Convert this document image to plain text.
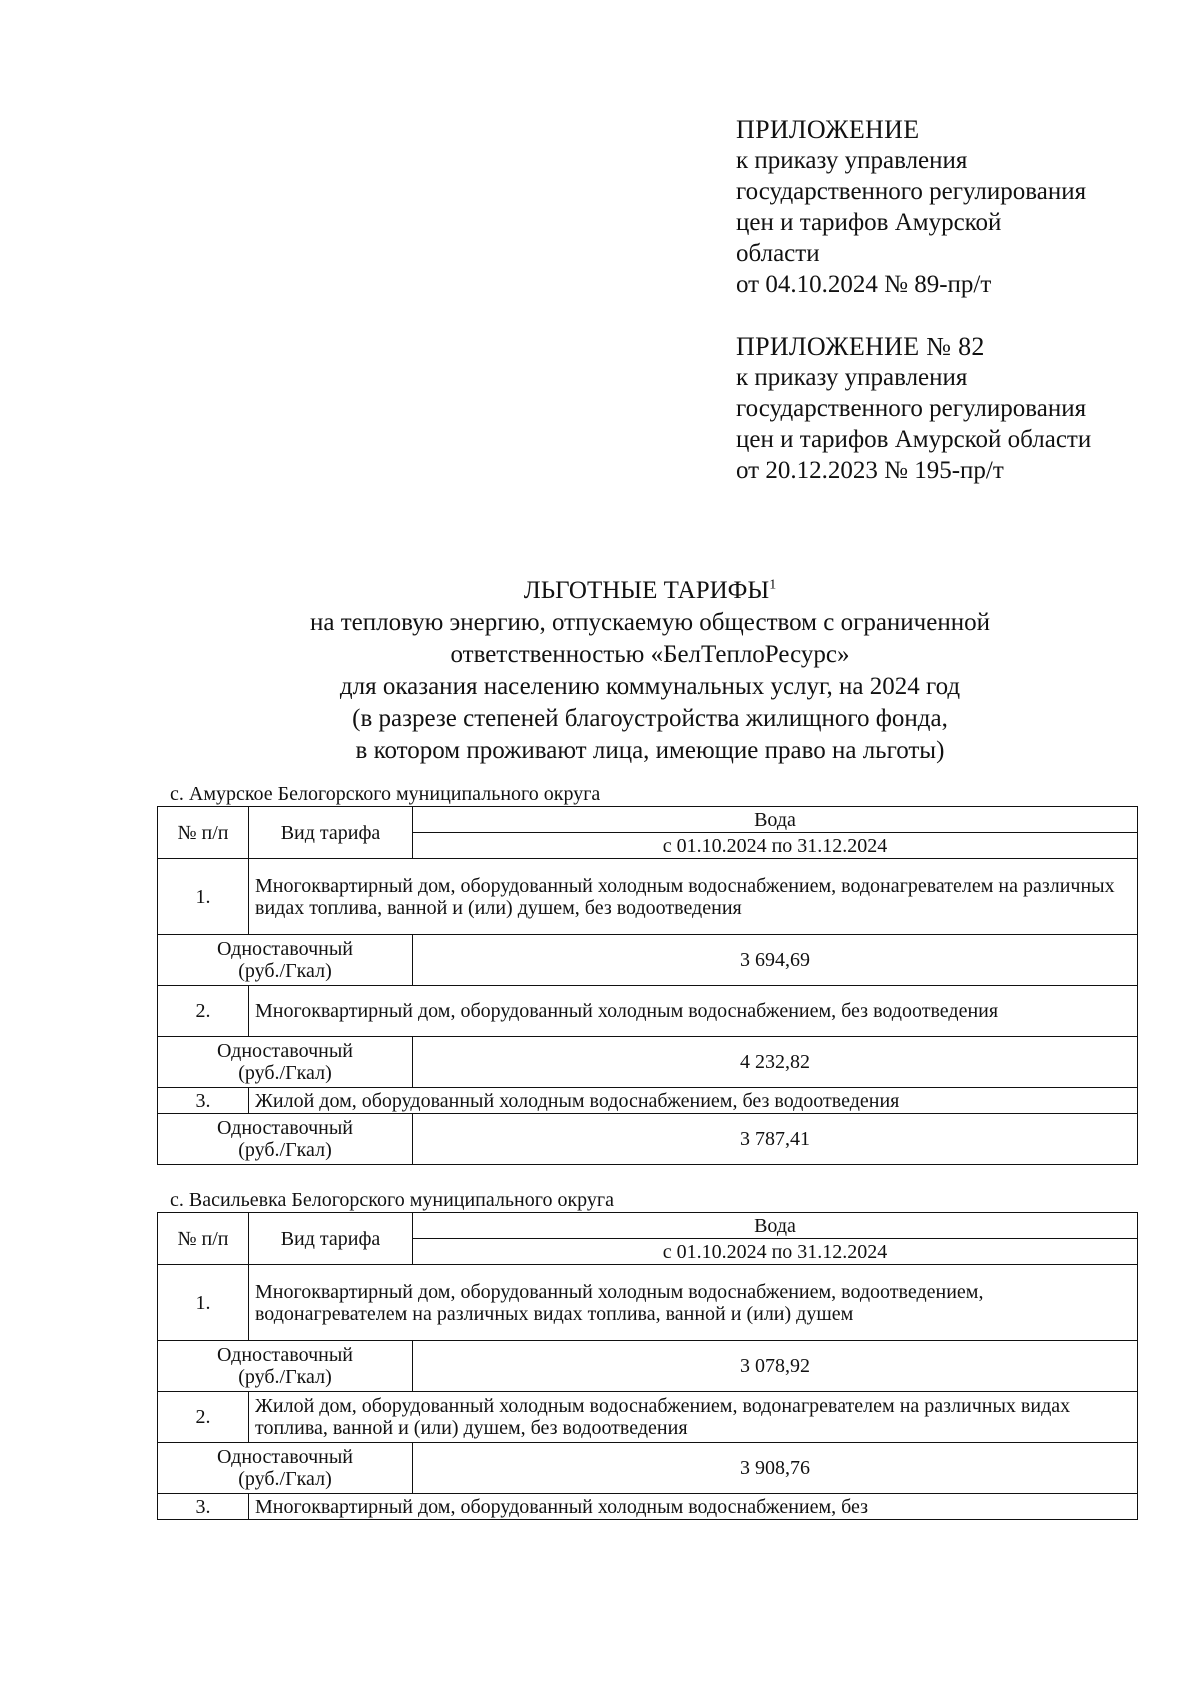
ПРИЛОЖЕНИЕ
к приказу управления
государственного регулирования
цен и тарифов Амурской
области
от 04.10.2024 № 89-пр/т
ПРИЛОЖЕНИЕ № 82
к приказу управления
государственного регулирования
цен и тарифов Амурской области
от 20.12.2023 № 195-пр/т
ЛЬГОТНЫЕ ТАРИФЫ$^1$
на тепловую энергию, отпускаемую обществом с ограниченной
ответственностью «БелТеплоРесурс»
для оказания населению коммунальных услуг, на 2024 год
(в разрезе степеней благоустройства жилищного фонда,
в котором проживают лица, имеющие право на льготы)
с. Амурское Белогорского муниципального округа
№ п/п	Вид тарифа	Вода
		с 01.10.2024 по 31.12.2024
1.	Многоквартирный дом, оборудованный холодным водоснабжением, водонагревателем на различных видах топлива, ванной и (или) душем, без водоотведения	
Одноставочный
(руб./Гкал)		3 694,69
2.	Многоквартирный дом, оборудованный холодным водоснабжением, без водоотведения	
Одноставочный
(руб./Гкал)		4 232,82
3.	Жилой дом, оборудованный холодным водоснабжением, без водоотведения	
Одноставочный
(руб./Гкал)		3 787,41
с. Васильевка Белогорского муниципального округа
№ п/п	Вид тарифа	Вода
		с 01.10.2024 по 31.12.2024
1.	Многоквартирный дом, оборудованный холодным водоснабжением, водоотведением, водонагревателем на различных видах топлива, ванной и (или) душем	
Одноставочный
(руб./Гкал)		3 078,92
2.	Жилой дом, оборудованный холодным водоснабжением, водонагревателем на различных видах топлива, ванной и (или) душем, без водоотведения	
Одноставочный
(руб./Гкал)		3 908,76
3.	Многоквартирный дом, оборудованный холодным водоснабжением, без	
